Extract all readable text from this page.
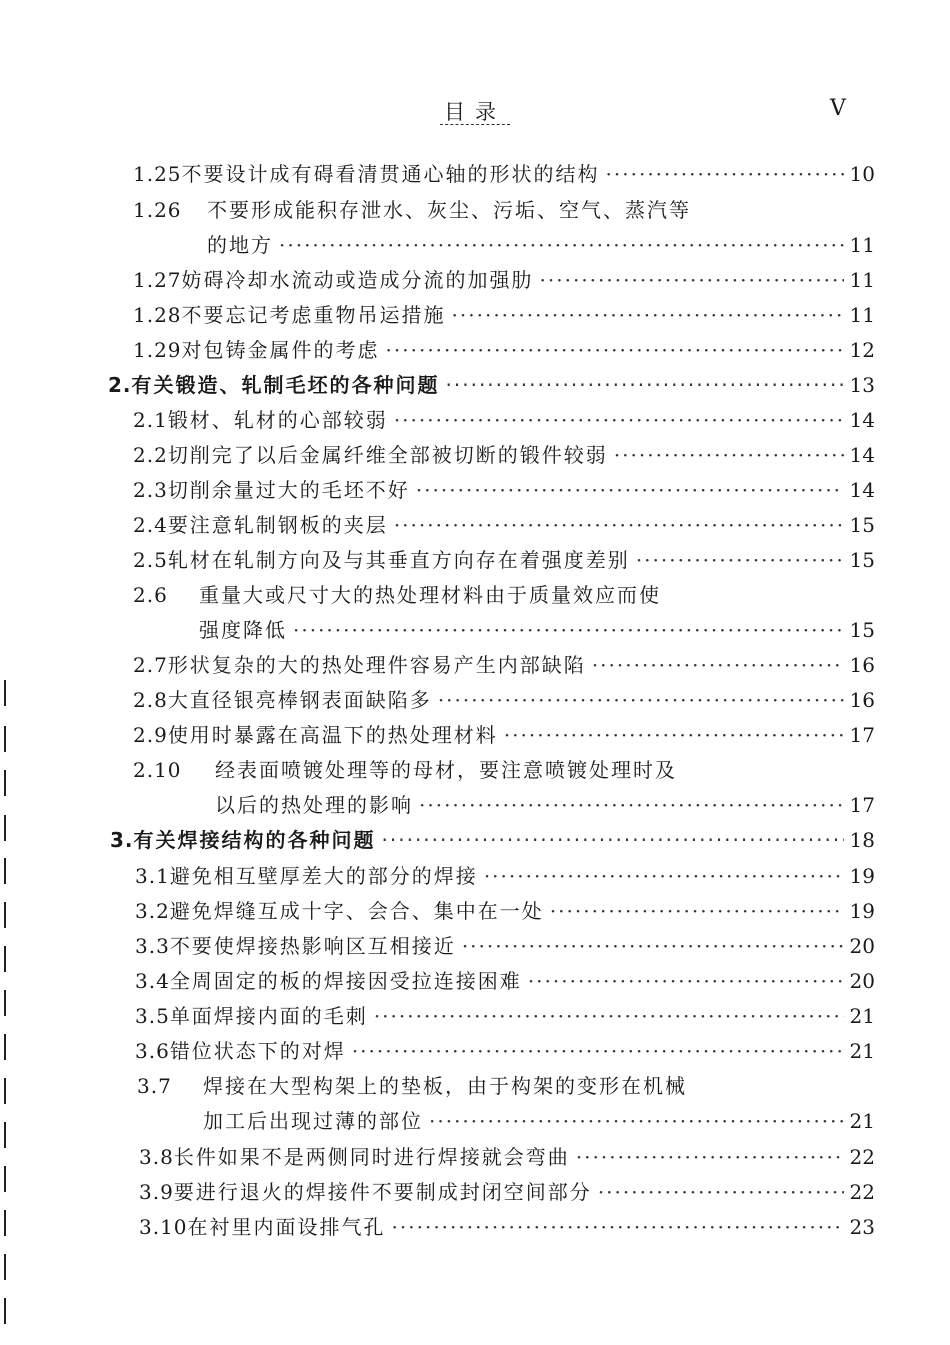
目录	V
1.25 不要设计成有碍看清贯通心轴的形状的结构 ·····	10
1.26	不要形成能积存泄水、灰尘、污垢、空气、蒸汽等
的地方 ·····	11
1.27 妨碍冷却水流动或造成分流的加强肋 ·····	11
1.28 不要忘记考虑重物吊运措施 ·····	11
1.29 对包铸金属件的考虑 ·····	12
2. 有关锻造、轧制毛坯的各种问题 ·····	13
2.1 锻材、轧材的心部较弱 ·····	14
2.2 切削完了以后金属纤维全部被切断的锻件较弱 ·····	14
2.3 切削余量过大的毛坯不好 ·····	14
2.4 要注意轧制钢板的夹层 ·····	15
2.5 轧材在轧制方向及与其垂直方向存在着强度差别 ·····	15
2.6	重量大或尺寸大的热处理材料由于质量效应而使
强度降低 ·····	15
2.7 形状复杂的大的热处理件容易产生内部缺陷 ·····	16
2.8 大直径银亮棒钢表面缺陷多 ·····	16
2.9 使用时暴露在高温下的热处理材料 ·····	17
2.10	经表面喷镀处理等的母材，要注意喷镀处理时及
以后的热处理的影响 ·····	17
3. 有关焊接结构的各种问题 ·····	18
3.1 避免相互壁厚差大的部分的焊接 ·····	19
3.2 避免焊缝互成十字、会合、集中在一处 ·····	19
3.3 不要使焊接热影响区互相接近 ·····	20
3.4 全周固定的板的焊接因受拉连接困难 ·····	20
3.5 单面焊接内面的毛刺 ·····	21
3.6 错位状态下的对焊 ·····	21
3.7	焊接在大型构架上的垫板，由于构架的变形在机械
加工后出现过薄的部位 ·····	21
3.8 长件如果不是两侧同时进行焊接就会弯曲 ·····	22
3.9 要进行退火的焊接件不要制成封闭空间部分 ·····	22
3.10 在衬里内面设排气孔 ·····	23
